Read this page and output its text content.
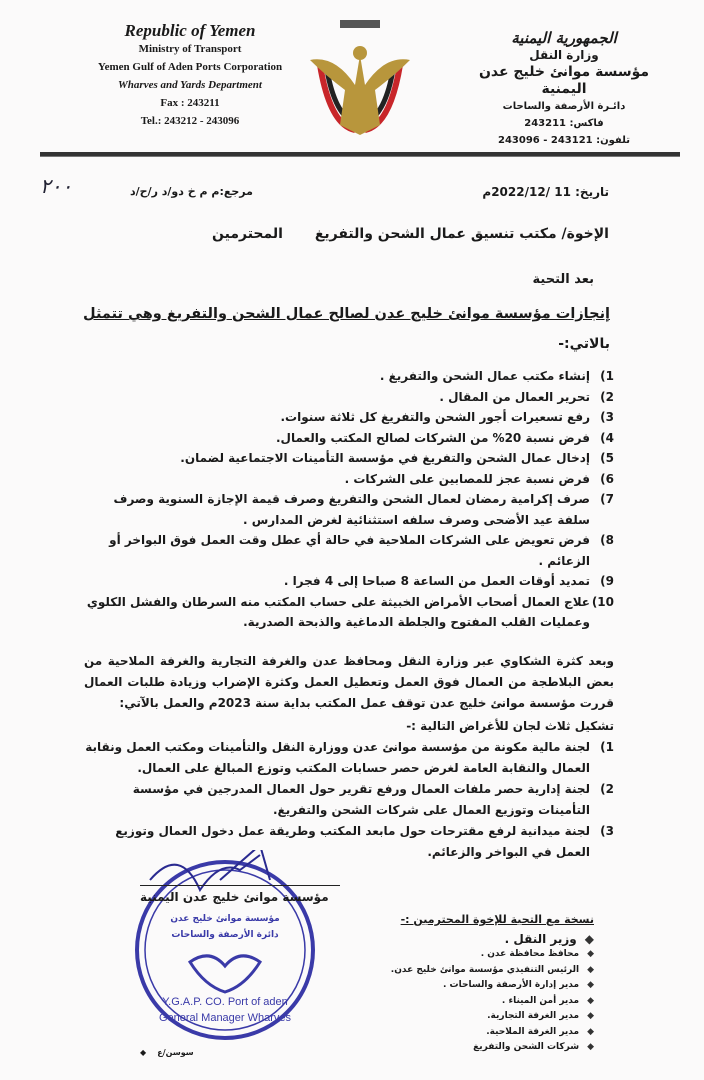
Republic of Yemen
Ministry of Transport
Yemen Gulf of Aden Ports Corporation
Wharves and Yards Department
Fax : 243211
Tel.: 243212 - 243096
الجمهورية اليمنية
وزارة النقل
مؤسسة موانئ خليج عدن اليمنية
دائـرة الأرصفة والساحات
فاكس: 243211
تلفون: 243121 - 243096
تاريخ: 11 /2022/12م
مرجع:م م خ دو/د ر/ح/د
٢٠٠
الإخوة/ مكتب تنسيق عمال الشحن والتفريغ
المحترمين
بعد التحية
إنجازات مؤسسة موانئ خليج عدن لصالح عمال الشحن والتفريغ وهي تتمثل
بالاتي:-
1)
إنشاء مكتب عمال الشحن والتفريغ .
2)
تحرير العمال من المقال .
3)
رفع تسعيرات أجور الشحن والتفريغ كل ثلاثة سنوات.
4)
فرض نسبة 20% من الشركات لصالح المكتب والعمال.
5)
إدخال عمال الشحن والتفريغ في مؤسسة التأمينات الاجتماعية لضمان.
6)
فرض نسبة عجز للمصابين على الشركات .
7)
صرف إكرامية رمضان لعمال الشحن والتفريغ وصرف قيمة الإجازة السنوية وصرف سلفة عيد الأضحى وصرف سلفه استثنائية لغرض المدارس .
8)
فرض تعويض على الشركات الملاحية في حالة أي عطل وقت العمل فوق البواخر أو الزعائم .
9)
تمديد أوقات العمل من الساعة 8 صباحا إلى 4 فجرا .
10)
علاج العمال أصحاب الأمراض الخبيثة على حساب المكتب منه السرطان والفشل الكلوي وعمليات القلب المفتوح والجلطة الدماغية والذبحة الصدرية.
وبعد كثرة الشكاوي عبر وزارة النقل ومحافظ عدن والغرفة التجارية والغرفة الملاحية من بعض البلاطجة من العمال فوق العمل وتعطيل العمل وكثرة الإضراب وزيادة طلبات العمال قررت مؤسسة موانئ خليج عدن توقف عمل المكتب بداية سنة 2023م والعمل بالآتي:
تشكيل ثلاث لجان للأغراض التالية :-
1)
لجنة مالية مكونة من مؤسسة موانئ عدن ووزارة النقل والتأمينات ومكتب العمل ونقابة العمال والنقابة العامة لغرض حصر حسابات المكتب وتوزع المبالغ على العمال.
2)
لجنة إدارية حصر ملفات العمال ورفع تقرير حول العمال المدرجين في مؤسسة التأمينات وتوزيع العمال على شركات الشحن والتفريغ.
3)
لجنة ميدانية لرفع مقترحات حول مابعد المكتب وطريقة عمل دخول العمال وتوزيع العمل في البواخر والزعائم.
مؤسسة موانئ خليج عدن
دائرة الأرصفة والساحات
Y.G.A.P. CO. Port of aden
General Manager Wharves
مؤسسة موانئ خليج عدن اليمنية
سوسن/ع    ◆
نسخة مع التحية للإخوة المحترمين :-
◆وزير النقل .
◆محافظ محافظة عدن .
◆الرئيس التنفيذي مؤسسة موانئ خليج عدن.
◆مدير إدارة الأرصفة والساحات .
◆مدير أمن الميناء .
◆مدير الغرفة التجارية.
◆مدير الغرفة الملاحية.
◆شركات الشحن والتفريغ
